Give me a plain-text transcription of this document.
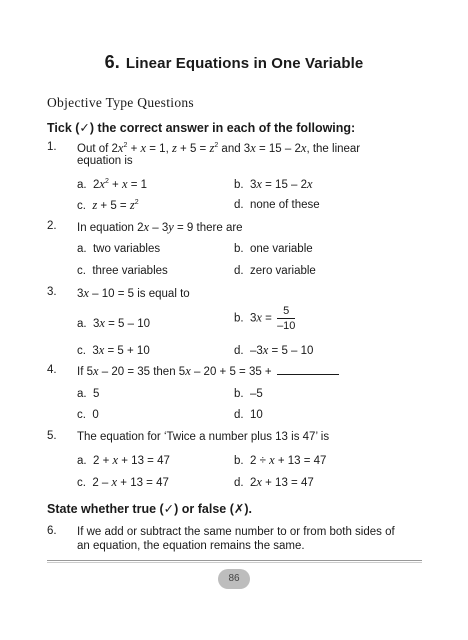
6. Linear Equations in One Variable
Objective Type Questions
Tick (✓) the correct answer in each of the following:
1. Out of $2x^2 + x = 1$, $z + 5 = z^2$ and 3x = 15 – 2x, the linear
equation is
a.  $2x^2 + x = 1$	b.  3x = 15 – 2x
c. $z + 5 = z^2$	d. none of these
2. In equation 2x – 3y = 9 there are
a. two variables	b. one variable
c. three variables	d. zero variable
3. 3x – 10 = 5 is equal to
a.  3x = 5 – 10	b.  $3x = \frac{5}{-10}$
c.  3x = 5 + 10	d.  –3x = 5 – 10
4. If 5x – 20 = 35 then 5x – 20 + 5 = 35 +
a. 5	b. –5
c. 0	d. 10
5. The equation for ‘Twice a number plus 13 is 47’ is
a.  2 + x + 13 = 47	b.  2 ÷ x + 13 = 47
c.  2 – x + 13 = 47	d.  2x + 13 = 47
State whether true (✓) or false (✗).
6. If we add or subtract the same number to or from both sides of
an equation, the equation remains the same.
86
